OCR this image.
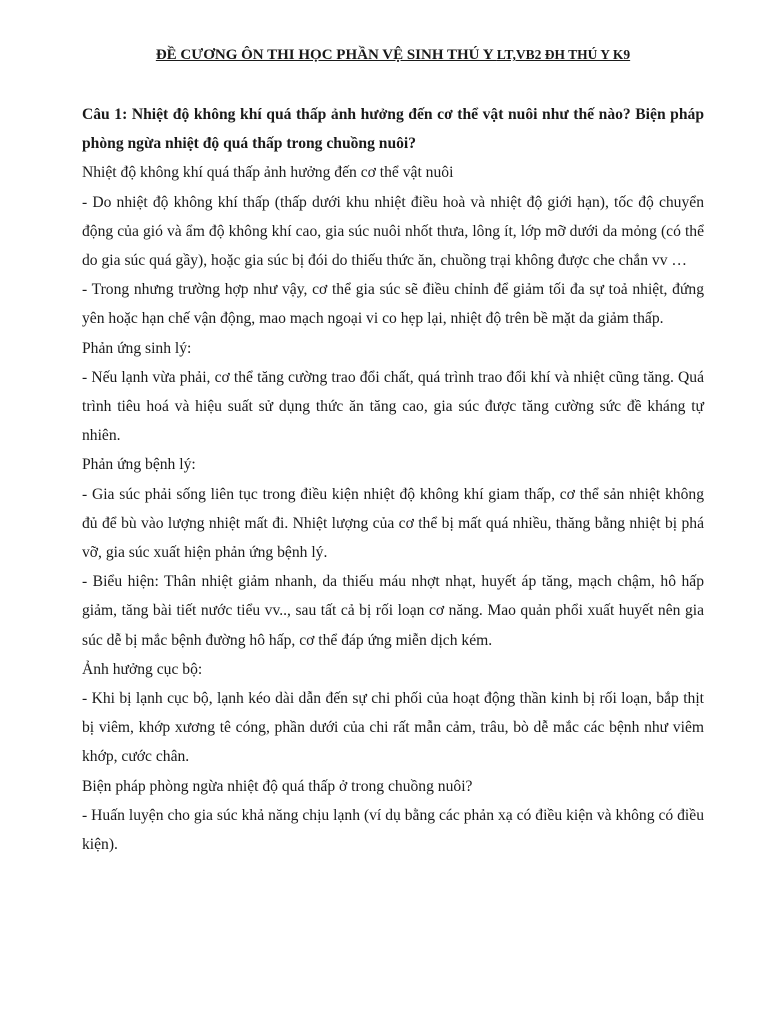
ĐỀ CƯƠNG ÔN THI HỌC PHẦN VỆ SINH THÚ Y LT,VB2 ĐH THÚ Y K9

Câu 1: Nhiệt độ không khí quá thấp ảnh hưởng đến cơ thể vật nuôi như thế nào? Biện pháp phòng ngừa nhiệt độ quá thấp trong chuồng nuôi?

Nhiệt độ không khí quá thấp ảnh hưởng đến cơ thể vật nuôi

- Do nhiệt độ không khí thấp (thấp dưới khu nhiệt điều hoà và nhiệt độ giới hạn), tốc độ chuyển động của gió và ẩm độ không khí cao, gia súc nuôi nhốt thưa, lông ít, lớp mỡ dưới da mỏng (có thể do gia súc quá gầy), hoặc gia súc bị đói do thiếu thức ăn, chuồng trại không được che chắn vv …

- Trong nhưng trường hợp như vậy, cơ thể gia súc sẽ điều chỉnh để giảm tối đa sự toả nhiệt, đứng yên hoặc hạn chế vận động, mao mạch ngoại vi co hẹp lại, nhiệt độ trên bề mặt da giảm thấp.

Phản ứng sinh lý:

- Nếu lạnh vừa phải, cơ thể tăng cường trao đổi chất, quá trình trao đổi khí và nhiệt cũng tăng. Quá trình tiêu hoá và hiệu suất sử dụng thức ăn tăng cao, gia súc được tăng cường sức đề kháng tự nhiên.

Phản ứng bệnh lý:

- Gia súc phải sống liên tục trong điều kiện nhiệt độ không khí giam thấp, cơ thể sản nhiệt không đủ để bù vào lượng nhiệt mất đi. Nhiệt lượng của cơ thể bị mất quá nhiều, thăng bằng nhiệt bị phá vỡ, gia súc xuất hiện phản ứng bệnh lý.

- Biểu hiện: Thân nhiệt giảm nhanh, da thiếu máu nhợt nhạt, huyết áp tăng, mạch chậm, hô hấp giảm, tăng bài tiết nước tiểu vv.., sau tất cả bị rối loạn cơ năng. Mao quản phổi xuất huyết nên gia súc dễ bị mắc bệnh đường hô hấp, cơ thể đáp ứng miễn dịch kém.

Ảnh hưởng cục bộ:

- Khi bị lạnh cục bộ, lạnh kéo dài dẫn đến sự chi phối của hoạt động thần kinh bị rối loạn, bắp thịt bị viêm, khớp xương tê cóng, phần dưới của chi rất mẫn cảm, trâu, bò dễ mắc các bệnh như viêm khớp, cước chân.

Biện pháp phòng ngừa nhiệt độ quá thấp ở trong chuồng nuôi?

- Huấn luyện cho gia súc khả năng chịu lạnh (ví dụ bằng các phản xạ có điều kiện và không có điều kiện).
